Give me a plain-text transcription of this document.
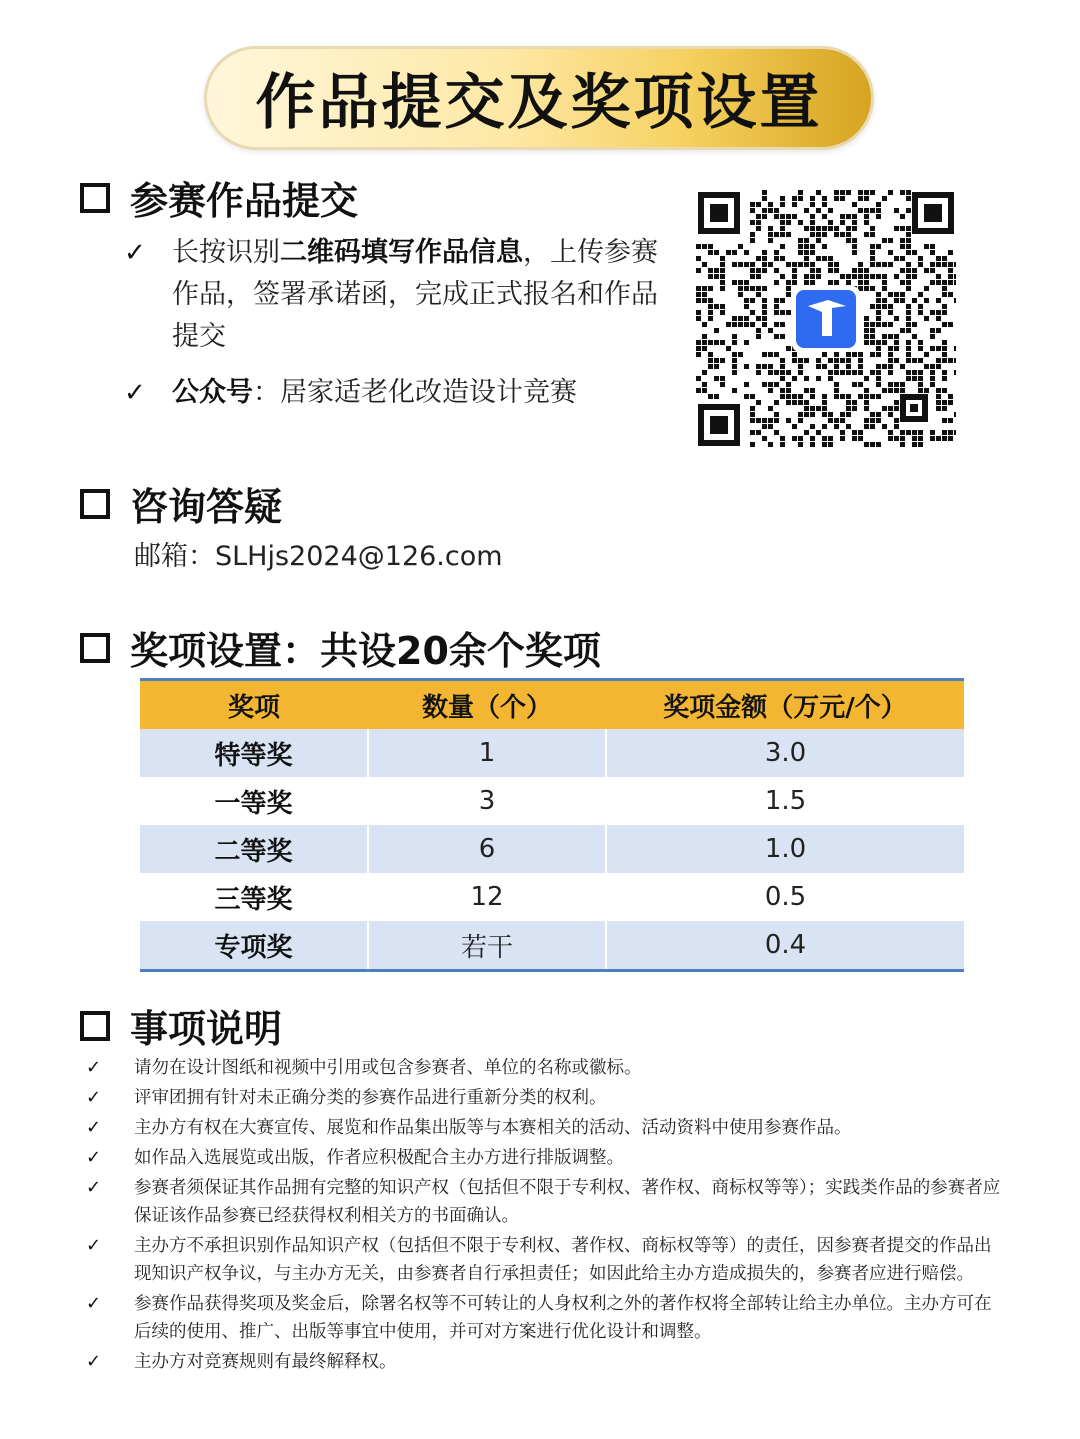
作品提交及奖项设置
参赛作品提交
✓ 长按识别二维码填写作品信息，上传参赛作品，签署承诺函，完成正式报名和作品提交
✓ 公众号：居家适老化改造设计竞赛
咨询答疑
邮箱：SLHjs2024@126.com
奖项设置：共设20余个奖项
奖项	数量（个）	奖项金额（万元/个）
特等奖	1	3.0
一等奖	3	1.5
二等奖	6	1.0
三等奖	12	0.5
专项奖	若干	0.4
事项说明
✓	请勿在设计图纸和视频中引用或包含参赛者、单位的名称或徽标。
✓	评审团拥有针对未正确分类的参赛作品进行重新分类的权利。
✓	主办方有权在大赛宣传、展览和作品集出版等与本赛相关的活动、活动资料中使用参赛作品。
✓	如作品入选展览或出版，作者应积极配合主办方进行排版调整。
✓	参赛者须保证其作品拥有完整的知识产权（包括但不限于专利权、著作权、商标权等等）；实践类作品的参赛者应保证该作品参赛已经获得权利相关方的书面确认。
✓	主办方不承担识别作品知识产权（包括但不限于专利权、著作权、商标权等等）的责任，因参赛者提交的作品出现知识产权争议，与主办方无关，由参赛者自行承担责任；如因此给主办方造成损失的，参赛者应进行赔偿。
✓	参赛作品获得奖项及奖金后，除署名权等不可转让的人身权利之外的著作权将全部转让给主办单位。主办方可在后续的使用、推广、出版等事宜中使用，并可对方案进行优化设计和调整。
✓	主办方对竞赛规则有最终解释权。
